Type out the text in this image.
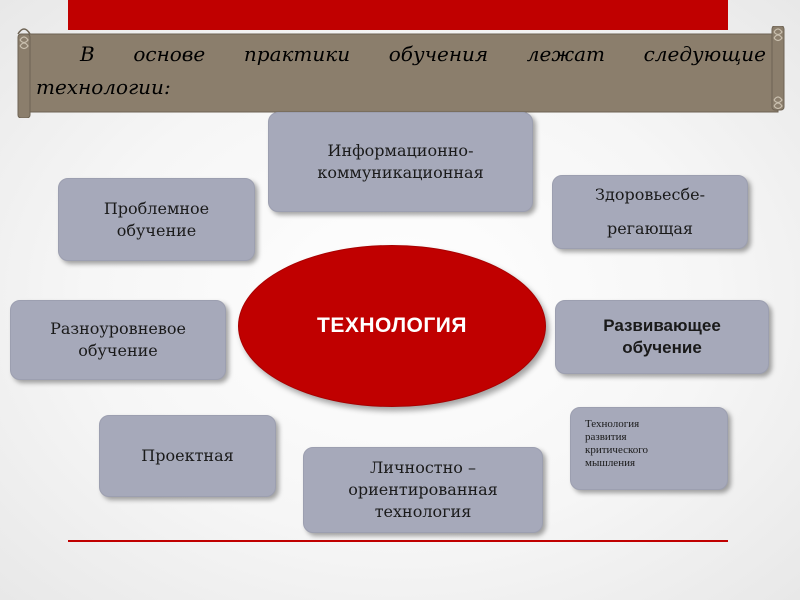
В основе практики обучения лежат следующие технологии:
ТЕХНОЛОГИЯ
Информационно-
коммуникационная
Проблемное
обучение
Здоровьесбе-
регающая
Разноуровневое
обучение
Развивающее
обучение
Проектная
Личностно –
ориентированная
технология
Технология
развития
критического
мышления
